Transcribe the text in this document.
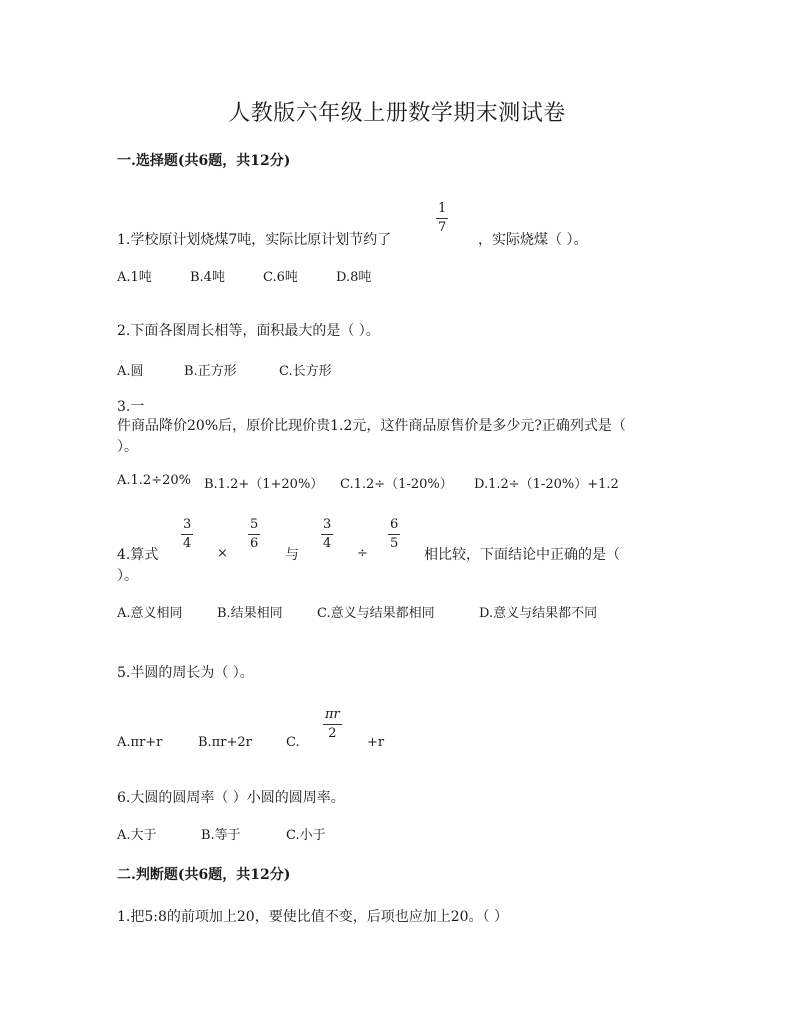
人教版六年级上册数学期末测试卷
一.选择题(共6题，共12分)
1.学校原计划烧煤7吨，实际比原计划节约了
1
7
，实际烧煤（ ）。
A.1吨	B.4吨	C.6吨	D.8吨
2.下面各图周长相等，面积最大的是（ ）。
A.圆	B.正方形	C.长方形
3.一
件商品降价20%后，原价比现价贵1.2元，这件商品原售价是多少元?正确列式是（
）。
A.1.2÷20% B.1.2+（1+20%） C.1.2÷（1-20%） D.1.2÷（1-20%）+1.2
4.算式
3
4
×
5
6
与
3
4
÷
6
5
相比较，下面结论中正确的是（
）。
A.意义相同	B.结果相同	C.意义与结果都相同	D.意义与结果都不同
5.半圆的周长为（ ）。
A.πr+r	B.πr+2r	C.
πr
2
+r
6.大圆的圆周率（ ）小圆的圆周率。
A.大于	B.等于	C.小于
二.判断题(共6题，共12分)
1.把5:8的前项加上20，要使比值不变，后项也应加上20。（ ）
